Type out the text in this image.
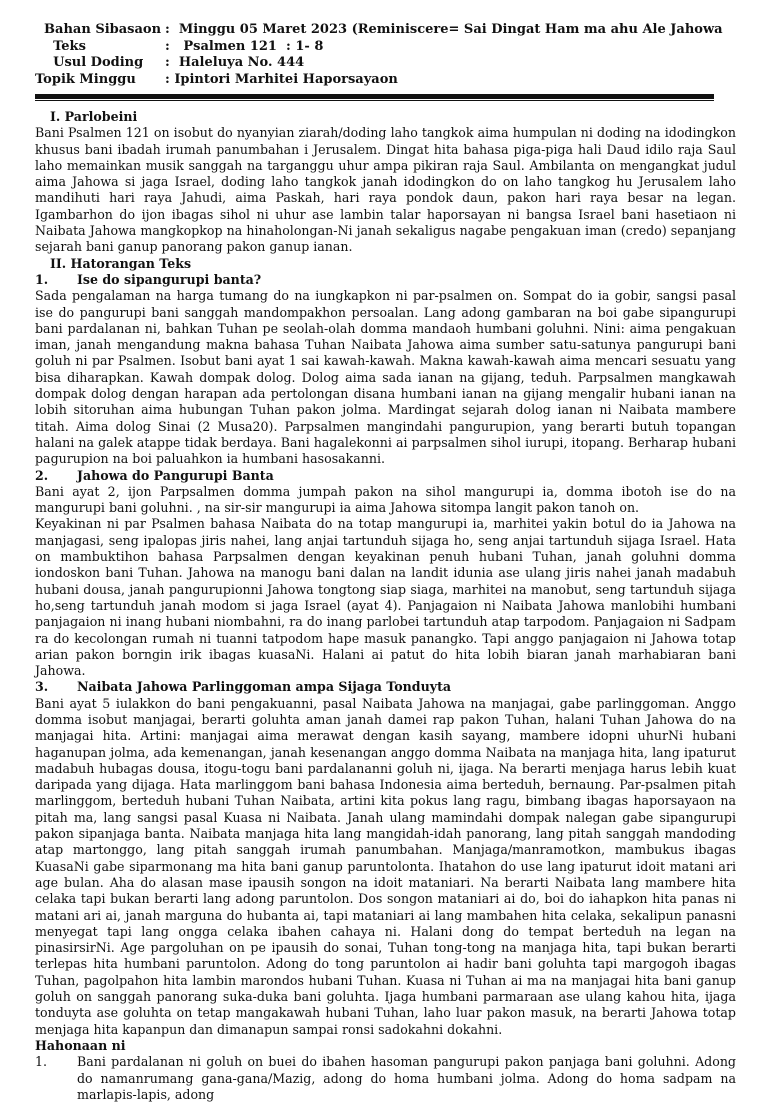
Bahan Sibasaon :  Minggu 05 Maret 2023 (Reminiscere= Sai Dingat Ham ma ahu Ale Jahowa
Teks	:   Psalmen 121  : 1- 8
Usul Doding	:  Haleluya No. 444
Topik Minggu	: Ipintori Marhitei Haporsayaon

I. Parlobeini

Bani Psalmen 121 on isobut do nyanyian ziarah/doding laho tangkok aima humpulan ni doding na idodingkon khusus bani ibadah irumah panumbahan i Jerusalem. Dingat hita bahasa piga-piga hali Daud idilo raja Saul laho memainkan musik sanggah na targanggu uhur ampa pikiran raja Saul. Ambilanta on mengangkat judul aima Jahowa si jaga Israel, doding laho tangkok janah idodingkon do on laho tangkog hu Jerusalem laho mandihuti hari raya Jahudi, aima Paskah, hari raya pondok daun, pakon hari raya besar na legan. Igambarhon do ijon ibagas sihol ni uhur ase lambin talar haporsayan ni bangsa Israel bani hasetiaon ni Naibata Jahowa mangkopkop na hinaholongan-Ni janah sekaligus nagabe pengakuan iman (credo) sepanjang sejarah bani ganup panorang pakon ganup ianan.

II. Hatorangan Teks

1.	Ise do sipangurupi banta?

Sada pengalaman na harga tumang do na iungkapkon ni par-psalmen on. Sompat do ia gobir, sangsi pasal ise do pangurupi bani sanggah mandompakhon persoalan. Lang adong gambaran na boi gabe sipangurupi bani pardalanan ni, bahkan Tuhan pe seolah-olah domma mandaoh humbani goluhni. Nini: aima pengakuan iman, janah mengandung makna bahasa Tuhan Naibata Jahowa aima sumber satu-satunya pangurupi bani goluh ni par Psalmen. Isobut bani ayat 1 sai kawah-kawah. Makna kawah-kawah aima mencari sesuatu yang bisa diharapkan. Kawah dompak dolog. Dolog aima sada ianan na gijang, teduh. Parpsalmen mangkawah dompak dolog dengan harapan ada pertolongan disana humbani ianan na gijang mengalir hubani ianan na lobih sitoruhan aima hubungan Tuhan pakon jolma. Mardingat sejarah dolog ianan ni Naibata mambere titah. Aima dolog Sinai (2 Musa20). Parpsalmen mangindahi pangurupion, yang berarti butuh topangan halani na galek atappe tidak berdaya. Bani hagalekonni ai parpsalmen sihol iurupi, itopang. Berharap hubani pagurupion na boi paluahkon ia humbani hasosakanni.

2.	Jahowa do Pangurupi Banta

Bani ayat 2, ijon Parpsalmen domma jumpah pakon na sihol mangurupi ia, domma ibotoh ise do na mangurupi bani goluhni. , na sir-sir mangurupi ia aima Jahowa sitompa langit pakon tanoh on.

Keyakinan ni par Psalmen bahasa Naibata do na totap mangurupi ia, marhitei yakin botul do ia Jahowa na manjagasi, seng ipalopas jiris nahei, lang anjai tartunduh sijaga ho, seng anjai tartunduh sijaga Israel. Hata on mambuktihon bahasa Parpsalmen dengan keyakinan penuh hubani Tuhan, janah goluhni domma iondoskon bani Tuhan. Jahowa na manogu bani dalan na landit idunia ase ulang jiris nahei janah madabuh hubani dousa, janah pangurupionni Jahowa tongtong siap siaga, marhitei na manobut, seng tartunduh sijaga ho,seng tartunduh janah modom si jaga Israel (ayat 4). Panjagaion ni Naibata Jahowa manlobihi humbani panjagaion ni inang hubani niombahni, ra do inang parlobei tartunduh atap tarpodom. Panjagaion ni Sadpam ra do kecolongan rumah ni tuanni tatpodom hape masuk panangko. Tapi anggo panjagaion ni Jahowa totap arian pakon borngin irik ibagas kuasaNi. Halani ai patut do hita lobih biaran janah marhabiaran bani Jahowa.

3.	Naibata Jahowa Parlinggoman ampa Sijaga Tonduyta

Bani ayat 5 iulakkon do bani pengakuanni, pasal Naibata Jahowa na manjagai, gabe parlinggoman. Anggo domma isobut manjagai, berarti goluhta aman janah damei rap pakon Tuhan, halani Tuhan Jahowa do na manjagai hita. Artini: manjagai aima merawat dengan kasih sayang, mambere idopni uhurNi hubani haganupan jolma, ada kemenangan, janah kesenangan anggo domma Naibata na manjaga hita, lang ipaturut madabuh hubagas dousa, itogu-togu bani pardalananni goluh ni, ijaga. Na berarti menjaga harus lebih kuat daripada yang dijaga. Hata marlinggom bani bahasa Indonesia aima berteduh, bernaung. Par-psalmen pitah marlinggom, berteduh hubani Tuhan Naibata, artini kita pokus lang ragu, bimbang ibagas haporsayaon na pitah ma, lang sangsi pasal Kuasa ni Naibata. Janah ulang mamindahi dompak nalegan gabe sipangurupi pakon sipanjaga banta. Naibata manjaga hita lang mangidah-idah panorang, lang pitah sanggah mandoding atap martonggo, lang pitah sanggah irumah panumbahan. Manjaga/manramotkon, mambukus ibagas KuasaNi gabe siparmonang ma hita bani ganup paruntolonta. Ihatahon do use lang ipaturut idoit matani ari age bulan. Aha do alasan mase ipausih songon na idoit mataniari. Na berarti Naibata lang mambere hita celaka tapi bukan berarti lang adong paruntolon. Dos songon mataniari ai do, boi do iahapkon hita panas ni matani ari ai, janah marguna do hubanta ai, tapi mataniari ai lang mambahen hita celaka, sekalipun panasni menyegat tapi lang ongga celaka ibahen cahaya ni. Halani dong do tempat berteduh na legan na pinasirsirNi. Age pargoluhan on pe ipausih do sonai, Tuhan tong-tong na manjaga hita, tapi bukan berarti terlepas hita humbani paruntolon. Adong do tong paruntolon ai hadir bani goluhta tapi margogoh ibagas Tuhan, pagolpahon hita lambin marondos hubani Tuhan. Kuasa ni Tuhan ai ma na manjagai hita bani ganup goluh on sanggah panorang suka-duka bani goluhta. Ijaga humbani parmaraan ase ulang kahou hita, ijaga tonduyta ase goluhta on tetap mangakawah hubani Tuhan, laho luar pakon masuk, na berarti Jahowa totap menjaga hita kapanpun dan dimanapun sampai ronsi sadokahni dokahni.

Hahonaan ni

1.	Bani pardalanan ni goluh on buei do ibahen hasoman pangurupi pakon panjaga bani goluhni. Adong do namanrumang gana-gana/Mazig, adong do homa humbani jolma. Adong do homa sadpam na marlapis-lapis, adong
